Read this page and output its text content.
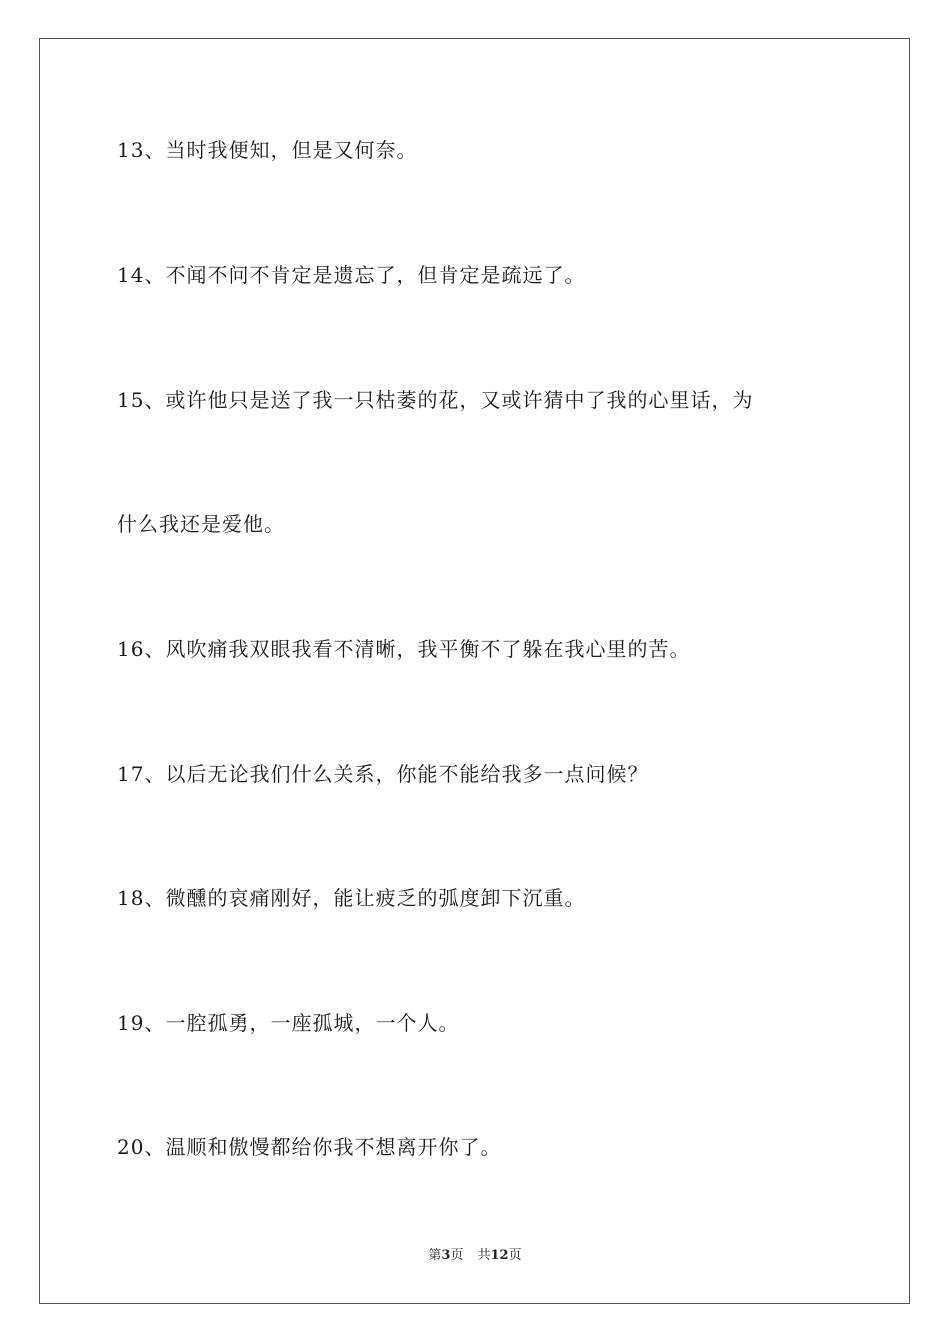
13、当时我便知，但是又何奈。
14、不闻不问不肯定是遗忘了，但肯定是疏远了。
15、或许他只是送了我一只枯萎的花，又或许猜中了我的心里话，为
什么我还是爱他。
16、风吹痛我双眼我看不清晰，我平衡不了躲在我心里的苦。
17、以后无论我们什么关系，你能不能给我多一点问候？
18、微醺的哀痛刚好，能让疲乏的弧度卸下沉重。
19、一腔孤勇，一座孤城，一个人。
20、温顺和傲慢都给你我不想离开你了。
第3页 共12页
